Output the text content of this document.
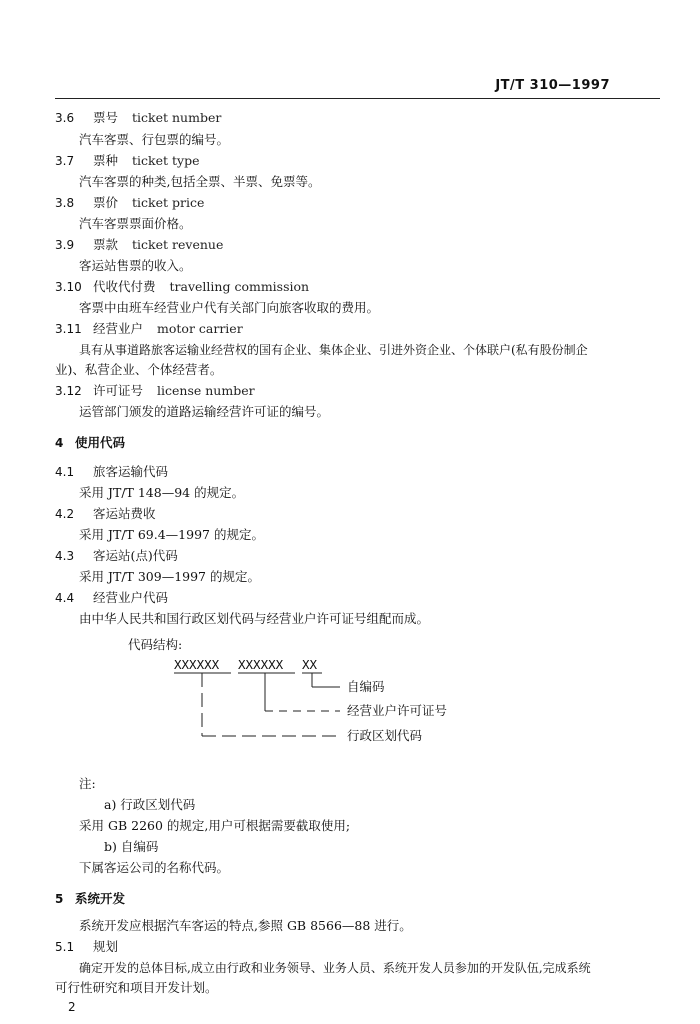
JT/T 310—1997
3.6 票号 ticket number
汽车客票、行包票的编号。
3.7 票种 ticket type
汽车客票的种类,包括全票、半票、免票等。
3.8 票价 ticket price
汽车客票票面价格。
3.9 票款 ticket revenue
客运站售票的收入。
3.10 代收代付费 travelling commission
客票中由班车经营业户代有关部门向旅客收取的费用。
3.11 经营业户 motor carrier
具有从事道路旅客运输业经营权的国有企业、集体企业、引进外资企业、个体联户(私有股份制企
业)、私营企业、个体经营者。
3.12 许可证号 license number
运管部门颁发的道路运输经营许可证的编号。
4 使用代码
4.1 旅客运输代码
采用 JT/T 148—94 的规定。
4.2 客运站费收
采用 JT/T 69.4—1997 的规定。
4.3 客运站(点)代码
采用 JT/T 309—1997 的规定。
4.4 经营业户代码
由中华人民共和国行政区划代码与经营业户许可证号组配而成。
代码结构:
XXXXXX XXXXXX XX
自编码
经营业户许可证号
行政区划代码
注:
a) 行政区划代码
采用 GB 2260 的规定,用户可根据需要截取使用;
b) 自编码
下属客运公司的名称代码。
5 系统开发
系统开发应根据汽车客运的特点,参照 GB 8566—88 进行。
5.1 规划
确定开发的总体目标,成立由行政和业务领导、业务人员、系统开发人员参加的开发队伍,完成系统
可行性研究和项目开发计划。
2
